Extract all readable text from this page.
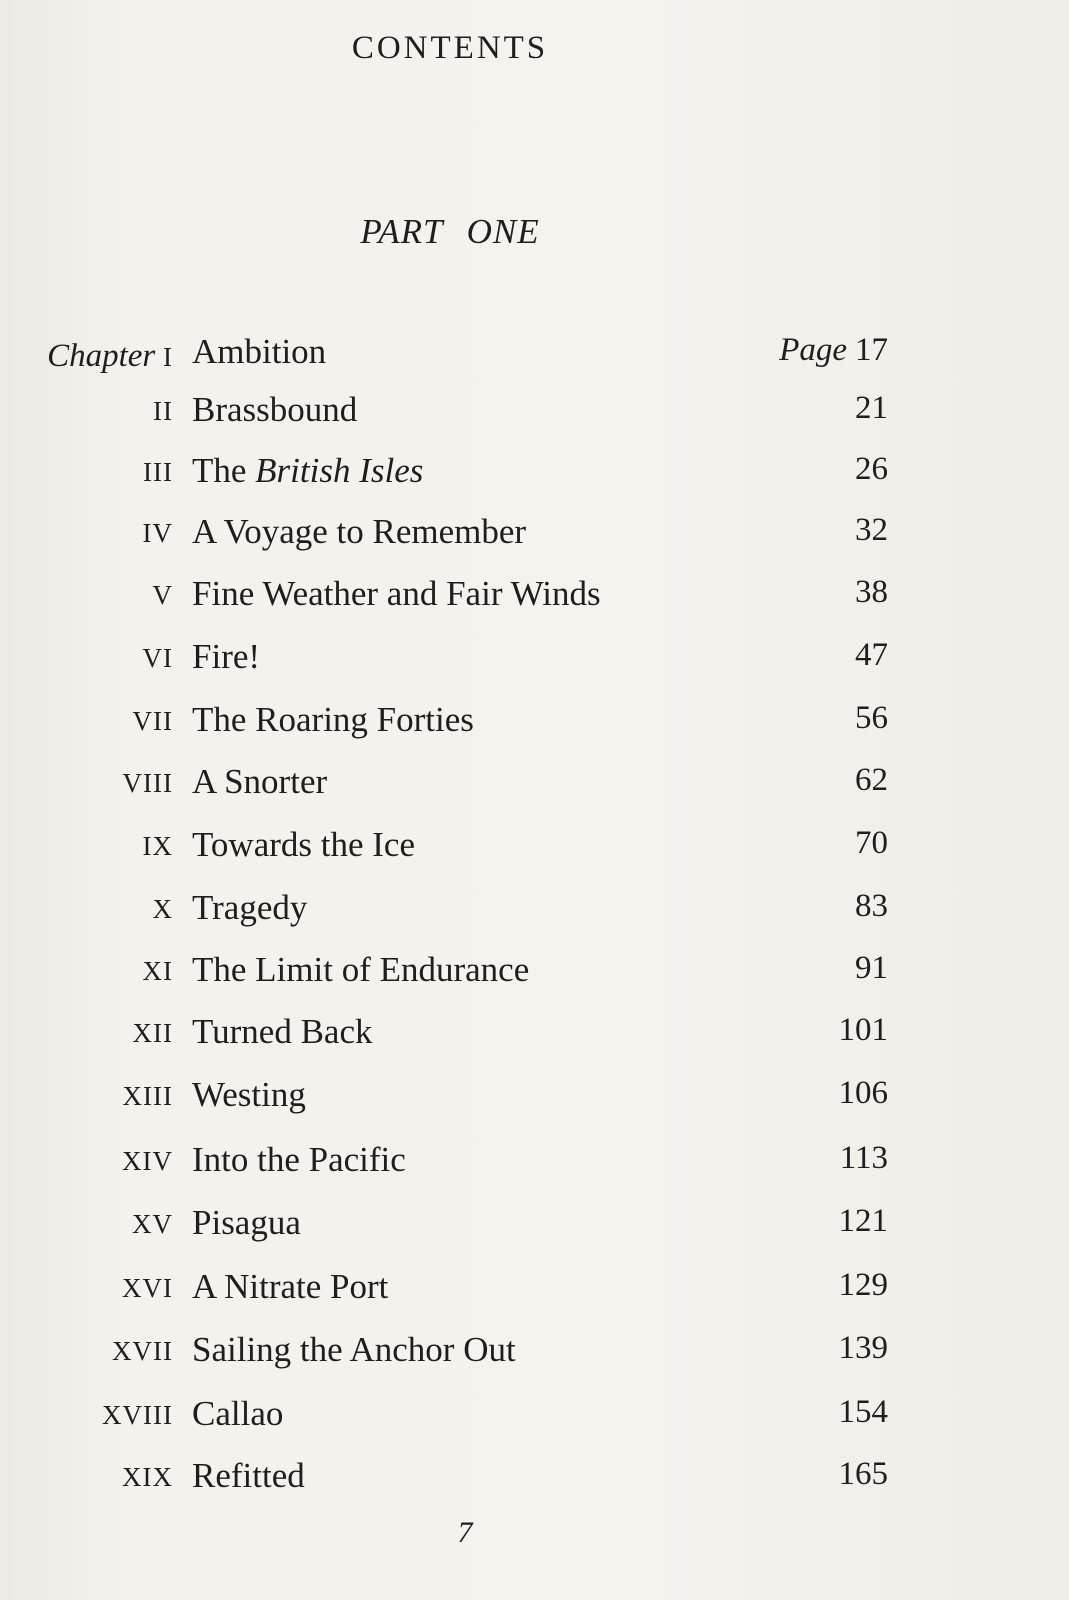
CONTENTS
PART ONE
Chapter I Ambition	Page 17
II Brassbound	21
III The British Isles	26
IV A Voyage to Remember	32
V Fine Weather and Fair Winds	38
VI Fire!	47
VII The Roaring Forties	56
VIII A Snorter	62
IX Towards the Ice	70
X Tragedy	83
XI The Limit of Endurance	91
XII Turned Back	101
XIII Westing	106
XIV Into the Pacific	113
XV Pisagua	121
XVI A Nitrate Port	129
XVII Sailing the Anchor Out	139
XVIII Callao	154
XIX Refitted	165
7
